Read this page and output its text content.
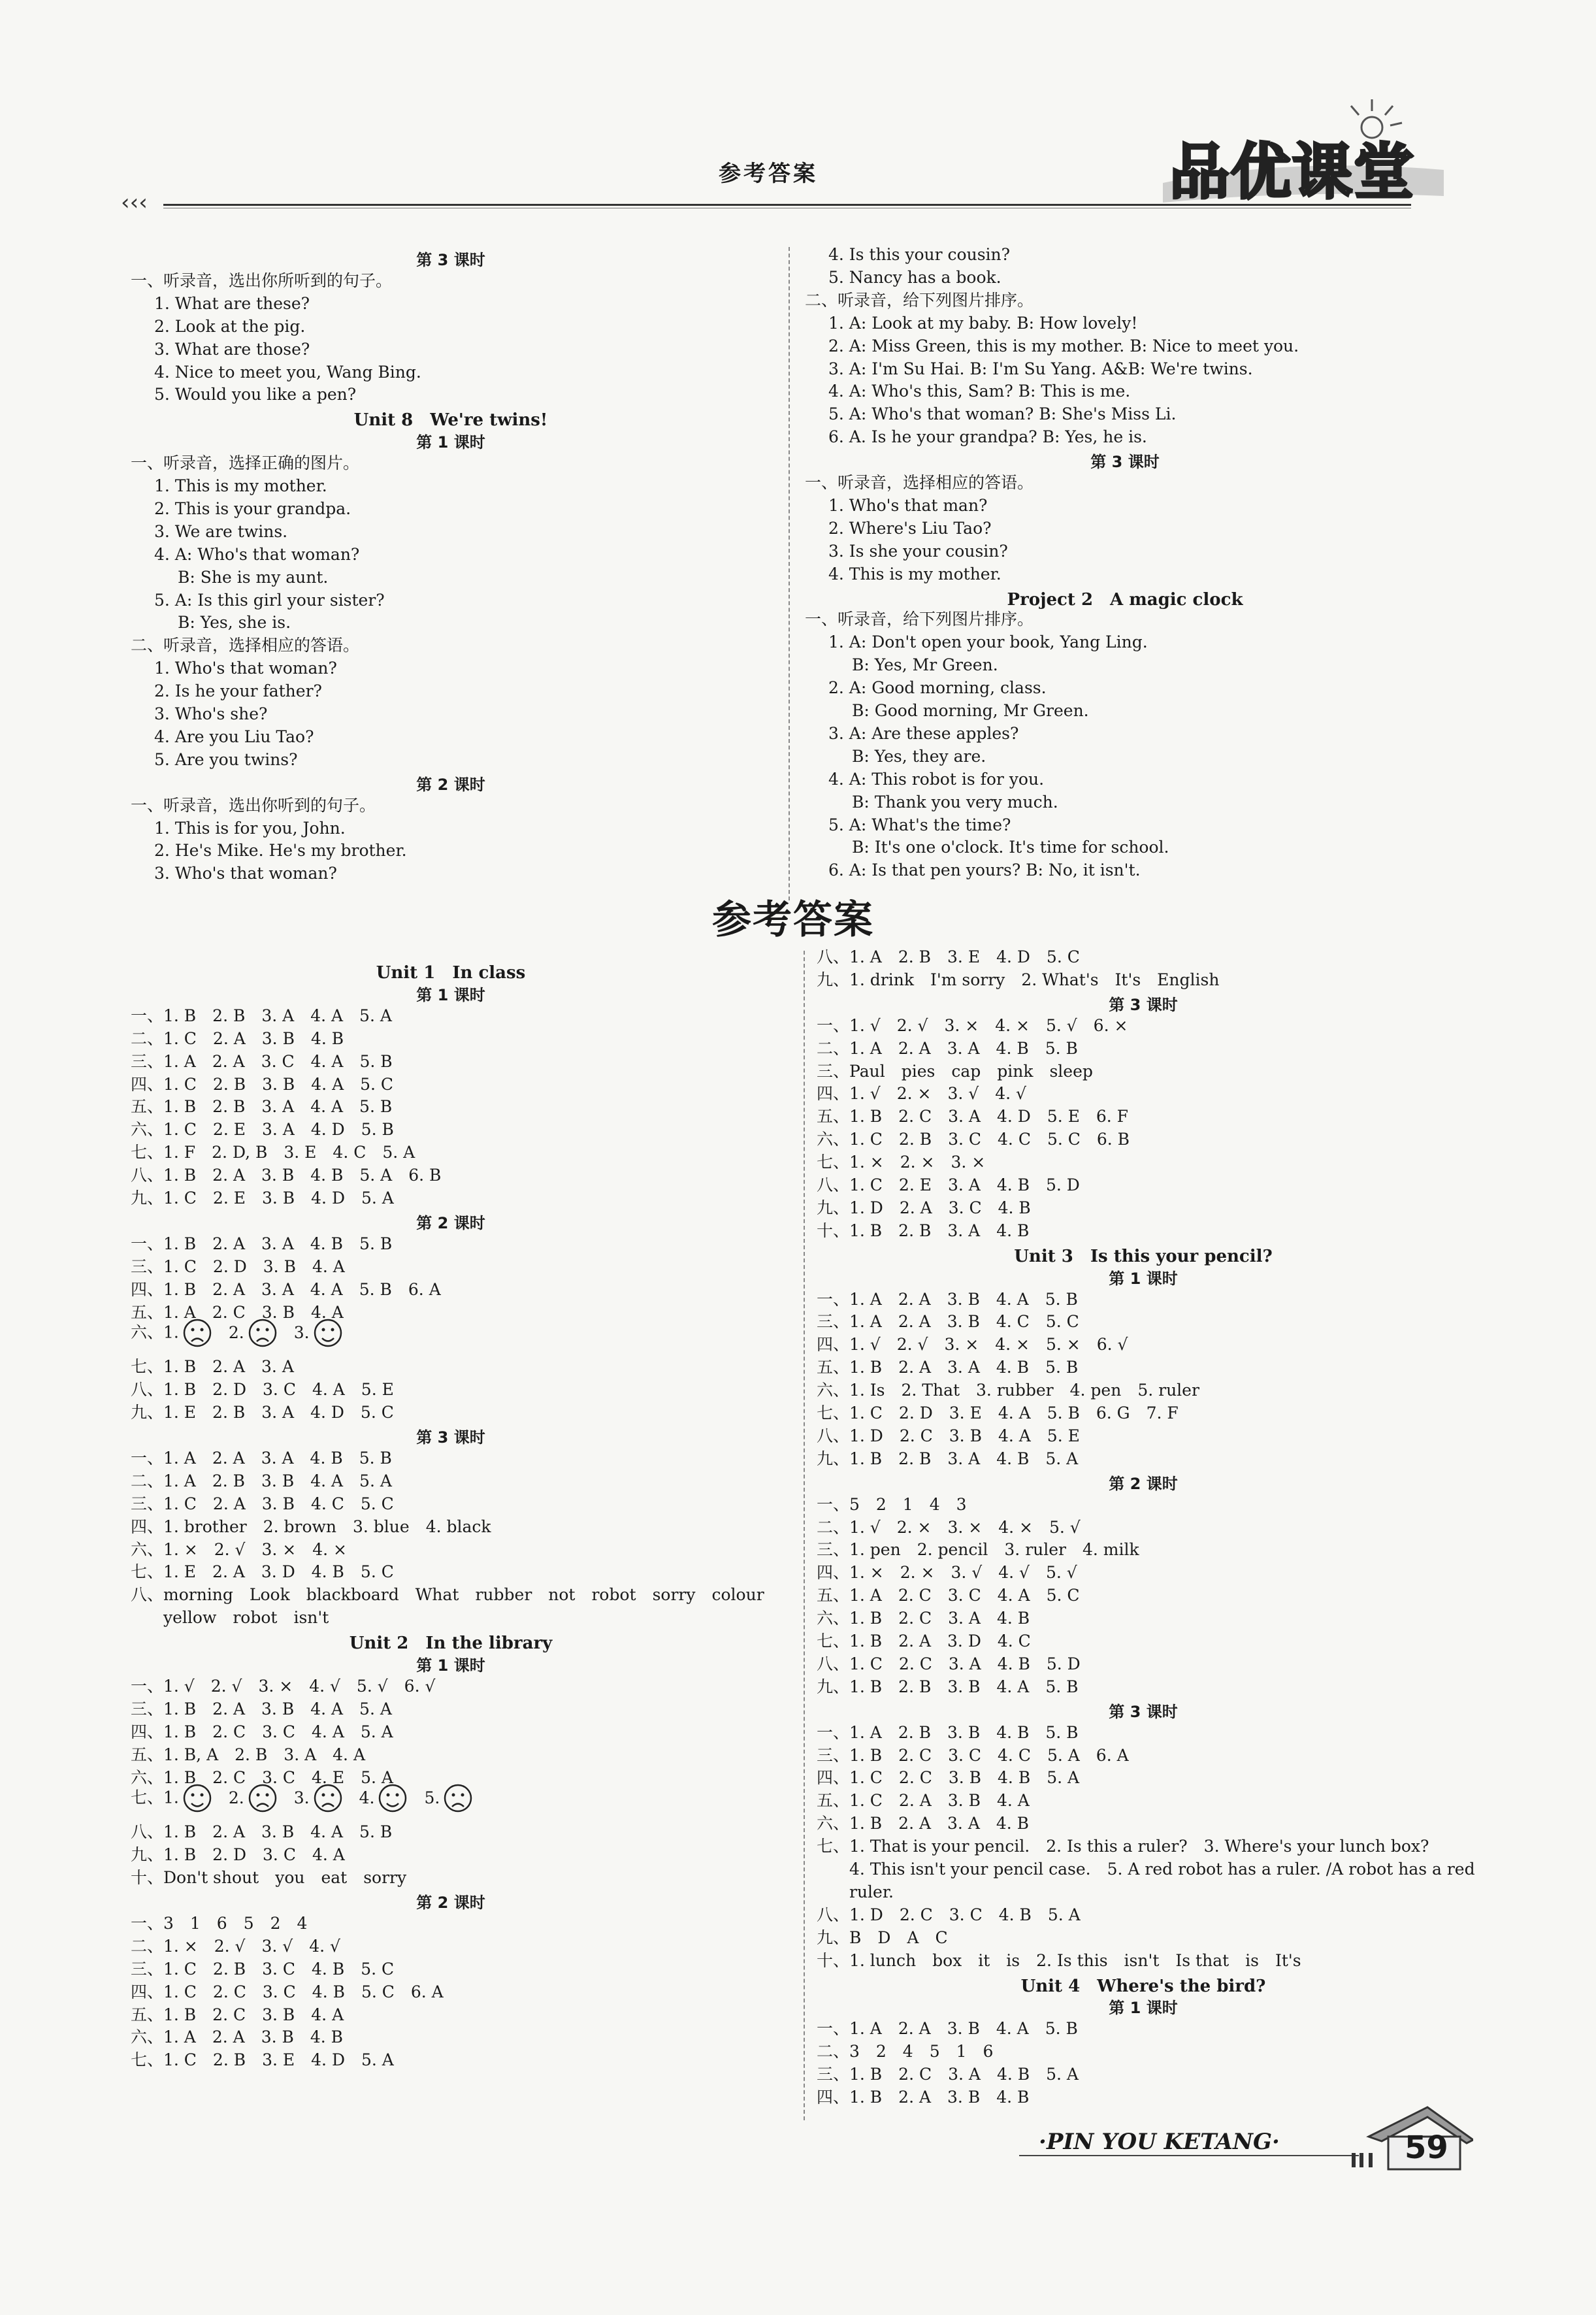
‹‹‹
参考答案	品优课堂
第 3 课时
一、听录音，选出你所听到的句子。
1. What are these?
2. Look at the pig.
3. What are those?
4. Nice to meet you, Wang Bing.
5. Would you like a pen?
Unit 8　We're twins!
第 1 课时
一、听录音，选择正确的图片。
1. This is my mother.
2. This is your grandpa.
3. We are twins.
4. A: Who's that woman?
B: She is my aunt.
5. A: Is this girl your sister?
B: Yes, she is.
二、听录音，选择相应的答语。
1. Who's that woman?
2. Is he your father?
3. Who's she?
4. Are you Liu Tao?
5. Are you twins?
第 2 课时
一、听录音，选出你听到的句子。
1. This is for you, John.
2. He's Mike. He's my brother.
3. Who's that woman?
4. Is this your cousin?
5. Nancy has a book.
二、听录音，给下列图片排序。
1. A: Look at my baby. B: How lovely!
2. A: Miss Green, this is my mother. B: Nice to meet you.
3. A: I'm Su Hai. B: I'm Su Yang. A&B: We're twins.
4. A: Who's this, Sam? B: This is me.
5. A: Who's that woman? B: She's Miss Li.
6. A. Is he your grandpa? B: Yes, he is.
第 3 课时
一、听录音，选择相应的答语。
1. Who's that man?
2. Where's Liu Tao?
3. Is she your cousin?
4. This is my mother.
Project 2　A magic clock
一、听录音，给下列图片排序。
1. A: Don't open your book, Yang Ling.
B: Yes, Mr Green.
2. A: Good morning, class.
B: Good morning, Mr Green.
3. A: Are these apples?
B: Yes, they are.
4. A: This robot is for you.
B: Thank you very much.
5. A: What's the time?
B: It's one o'clock. It's time for school.
6. A: Is that pen yours? B: No, it isn't.
参考答案
Unit 1　In class
第 1 课时
一、1. B　2. B　3. A　4. A　5. A
二、1. C　2. A　3. B　4. B
三、1. A　2. A　3. C　4. A　5. B
四、1. C　2. B　3. B　4. A　5. C
五、1. B　2. B　3. A　4. A　5. B
六、1. C　2. E　3. A　4. D　5. B
七、1. F　2. D, B　3. E　4. C　5. A
八、1. B　2. A　3. B　4. B　5. A　6. B
九、1. C　2. E　3. B　4. D　5. A
第 2 课时
一、1. B　2. A　3. A　4. B　5. B
三、1. C　2. D　3. B　4. A
四、1. B　2. A　3. A　4. A　5. B　6. A
五、1. A　2. C　3. B　4. A
六、1.	2.	3.
七、1. B　2. A　3. A
八、1. B　2. D　3. C　4. A　5. E
九、1. E　2. B　3. A　4. D　5. C
第 3 课时
一、1. A　2. A　3. A　4. B　5. B
二、1. A　2. B　3. B　4. A　5. A
三、1. C　2. A　3. B　4. C　5. C
四、1. brother　2. brown　3. blue　4. black
六、1. ×　2. √　3. ×　4. ×
七、1. E　2. A　3. D　4. B　5. C
八、morning　Look　blackboard　What　rubber　not　robot　sorry　colour
　　yellow　robot　isn't
Unit 2　In the library
第 1 课时
一、1. √　2. √　3. ×　4. √　5. √　6. √
三、1. B　2. A　3. B　4. A　5. A
四、1. B　2. C　3. C　4. A　5. A
五、1. B, A　2. B　3. A　4. A
六、1. B　2. C　3. C　4. E　5. A
七、1.	2.	3.	4.	5.
八、1. B　2. A　3. B　4. A　5. B
九、1. B　2. D　3. C　4. A
十、Don't shout　you　eat　sorry
第 2 课时
一、3　1　6　5　2　4
二、1. ×　2. √　3. √　4. √
三、1. C　2. B　3. C　4. B　5. C
四、1. C　2. C　3. C　4. B　5. C　6. A
五、1. B　2. C　3. B　4. A
六、1. A　2. A　3. B　4. B
七、1. C　2. B　3. E　4. D　5. A
八、1. A　2. B　3. E　4. D　5. C
九、1. drink　I'm sorry　2. What's　It's　English
第 3 课时
一、1. √　2. √　3. ×　4. ×　5. √　6. ×
二、1. A　2. A　3. A　4. B　5. B
三、Paul　pies　cap　pink　sleep
四、1. √　2. ×　3. √　4. √
五、1. B　2. C　3. A　4. D　5. E　6. F
六、1. C　2. B　3. C　4. C　5. C　6. B
七、1. ×　2. ×　3. ×
八、1. C　2. E　3. A　4. B　5. D
九、1. D　2. A　3. C　4. B
十、1. B　2. B　3. A　4. B
Unit 3　Is this your pencil?
第 1 课时
一、1. A　2. A　3. B　4. A　5. B
三、1. A　2. A　3. B　4. C　5. C
四、1. √　2. √　3. ×　4. ×　5. ×　6. √
五、1. B　2. A　3. A　4. B　5. B
六、1. Is　2. That　3. rubber　4. pen　5. ruler
七、1. C　2. D　3. E　4. A　5. B　6. G　7. F
八、1. D　2. C　3. B　4. A　5. E
九、1. B　2. B　3. A　4. B　5. A
第 2 课时
一、5　2　1　4　3
二、1. √　2. ×　3. ×　4. ×　5. √
三、1. pen　2. pencil　3. ruler　4. milk
四、1. ×　2. ×　3. √　4. √　5. √
五、1. A　2. C　3. C　4. A　5. C
六、1. B　2. C　3. A　4. B
七、1. B　2. A　3. D　4. C
八、1. C　2. C　3. A　4. B　5. D
九、1. B　2. B　3. B　4. A　5. B
第 3 课时
一、1. A　2. B　3. B　4. B　5. B
三、1. B　2. C　3. C　4. C　5. A　6. A
四、1. C　2. C　3. B　4. B　5. A
五、1. C　2. A　3. B　4. A
六、1. B　2. A　3. A　4. B
七、1. That is your pencil.　2. Is this a ruler?　3. Where's your lunch box?
　　4. This isn't your pencil case.　5. A red robot has a ruler. /A robot has a red
　　ruler.
八、1. D　2. C　3. C　4. B　5. A
九、B　D　A　C
十、1. lunch　box　it　is　2. Is this　isn't　Is that　is　It's
Unit 4　Where's the bird?
第 1 课时
一、1. A　2. A　3. B　4. A　5. B
二、3　2　4　5　1　6
三、1. B　2. C　3. A　4. B　5. A
四、1. B　2. A　3. B　4. B
·PIN YOU KETANG·	59
